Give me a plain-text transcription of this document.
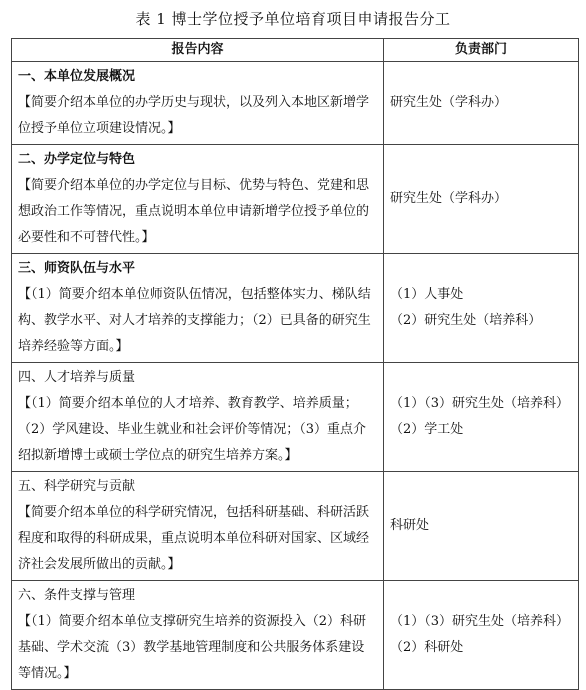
表 1 博士学位授予单位培育项目申请报告分工
报告内容	负责部门
一、本单位发展概况
【简要介绍本单位的办学历史与现状，以及列入本地区新增学位授予单位立项建设情况。】	研究生处（学科办）

二、办学定位与特色
【简要介绍本单位的办学定位与目标、优势与特色、党建和思想政治工作等情况，重点说明本单位申请新增学位授予单位的必要性和不可替代性。】	研究生处（学科办）

三、师资队伍与水平
【（1）简要介绍本单位师资队伍情况，包括整体实力、梯队结构、教学水平、对人才培养的支撑能力；（2）已具备的研究生培养经验等方面。】	（1）人事处
（2）研究生处（培养科）

四、人才培养与质量
【（1）简要介绍本单位的人才培养、教育教学、培养质量；（2）学风建设、毕业生就业和社会评价等情况；（3）重点介绍拟新增博士或硕士学位点的研究生培养方案。】	（1）（3）研究生处（培养科）
（2）学工处

五、科学研究与贡献
【简要介绍本单位的科学研究情况，包括科研基础、科研活跃程度和取得的科研成果，重点说明本单位科研对国家、区域经济社会发展所做出的贡献。】	科研处

六、条件支撑与管理
【（1）简要介绍本单位支撑研究生培养的资源投入（2）科研基础、学术交流（3）教学基地管理制度和公共服务体系建设等情况。】	（1）（3）研究生处（培养科）
（2）科研处
